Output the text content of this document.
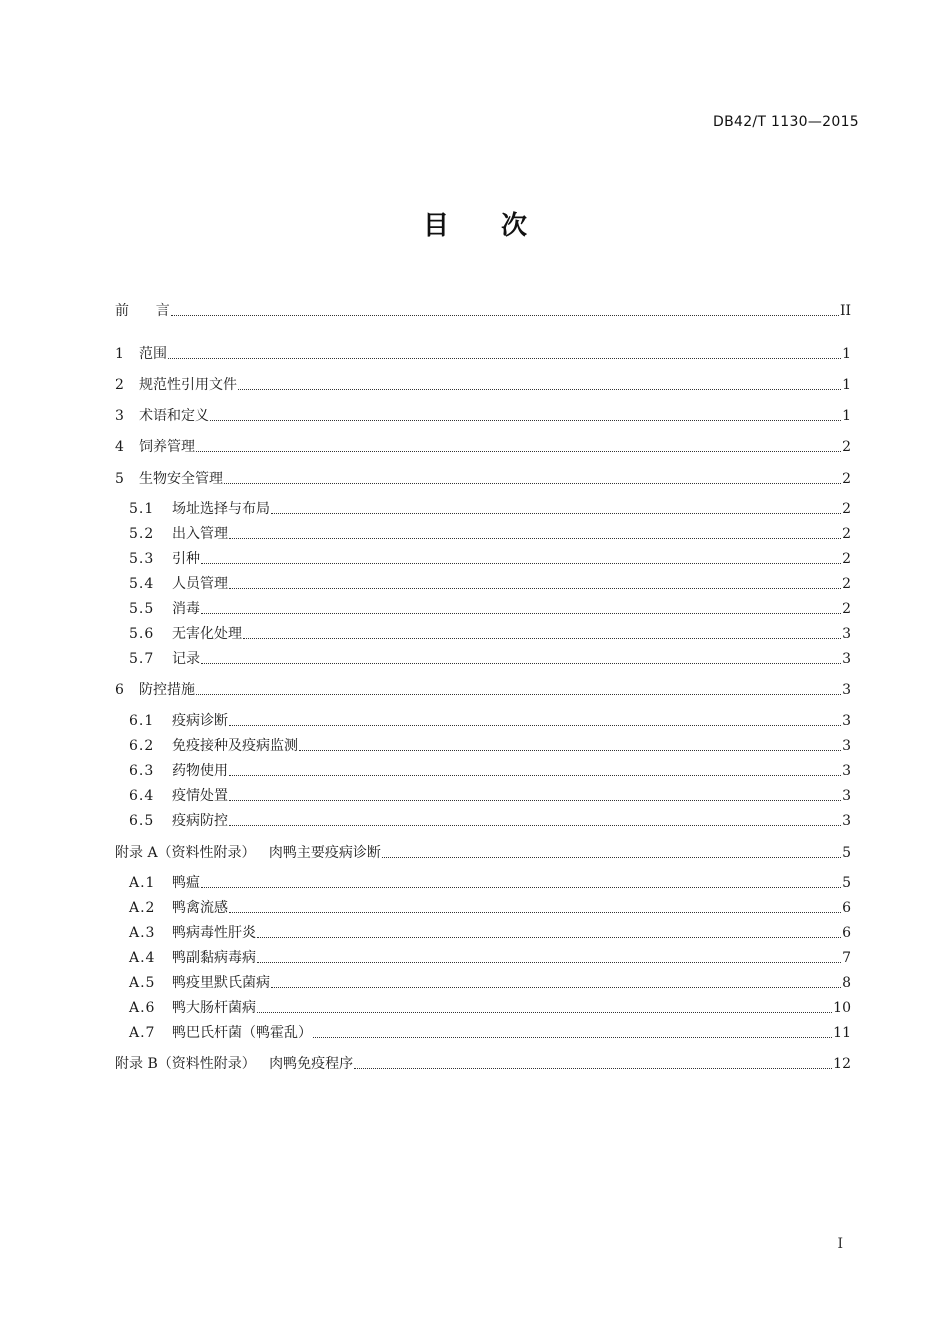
DB42/T 1130—2015
目次
前      言	II
1	范围	1
2	规范性引用文件	1
3	术语和定义	1
4	饲养管理	2
5	生物安全管理	2
5.1	场址选择与布局	2
5.2	出入管理	2
5.3	引种	2
5.4	人员管理	2
5.5	消毒	2
5.6	无害化处理	3
5.7	记录	3
6	防控措施	3
6.1	疫病诊断	3
6.2	免疫接种及疫病监测	3
6.3	药物使用	3
6.4	疫情处置	3
6.5	疫病防控	3
附录 A（资料性附录）   肉鸭主要疫病诊断	5
A.1	鸭瘟	5
A.2	鸭禽流感	6
A.3	鸭病毒性肝炎	6
A.4	鸭副黏病毒病	7
A.5	鸭疫里默氏菌病	8
A.6	鸭大肠杆菌病	10
A.7	鸭巴氏杆菌（鸭霍乱）	11
附录 B（资料性附录）   肉鸭免疫程序	12
I
